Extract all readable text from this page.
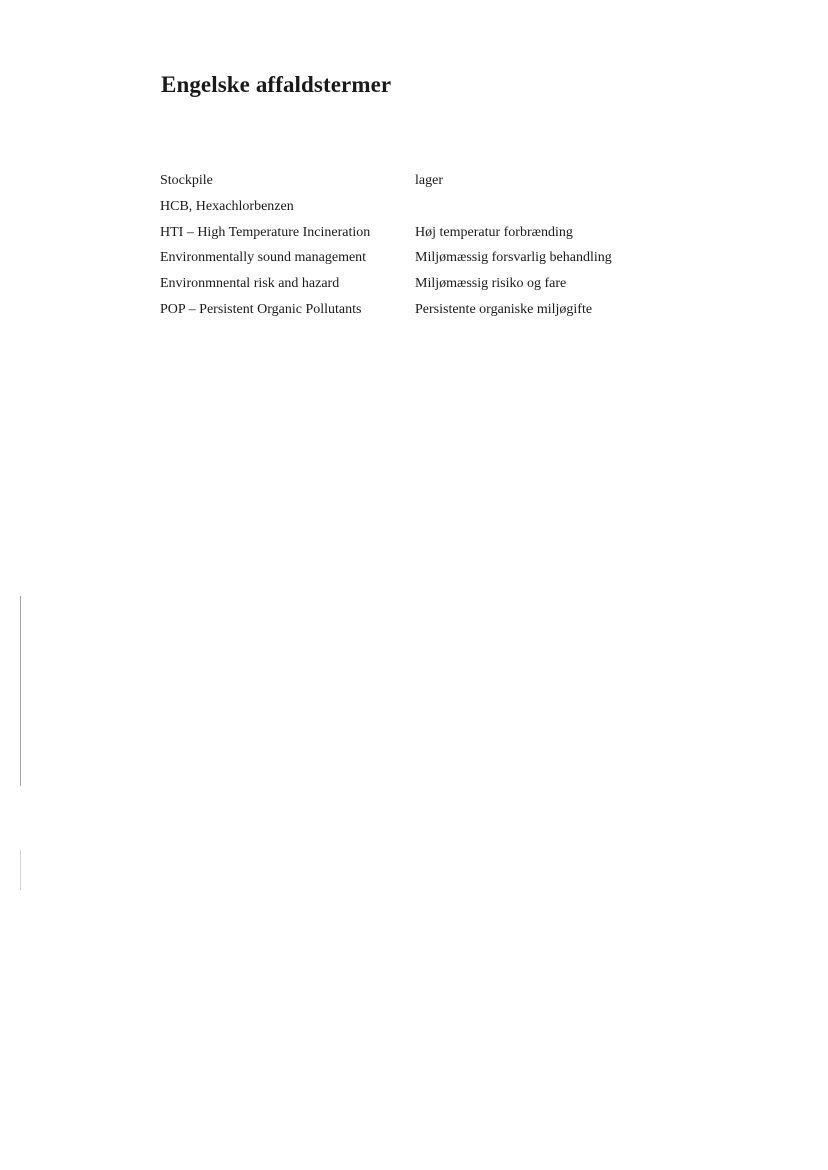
Engelske affaldstermer
Stockpile	lager
HCB, Hexachlorbenzen
HTI – High Temperature Incineration	Høj temperatur forbrænding
Environmentally sound management	Miljømæssig forsvarlig behandling
Environmnental risk and hazard	Miljømæssig risiko og fare
POP – Persistent Organic Pollutants	Persistente organiske miljøgifte
